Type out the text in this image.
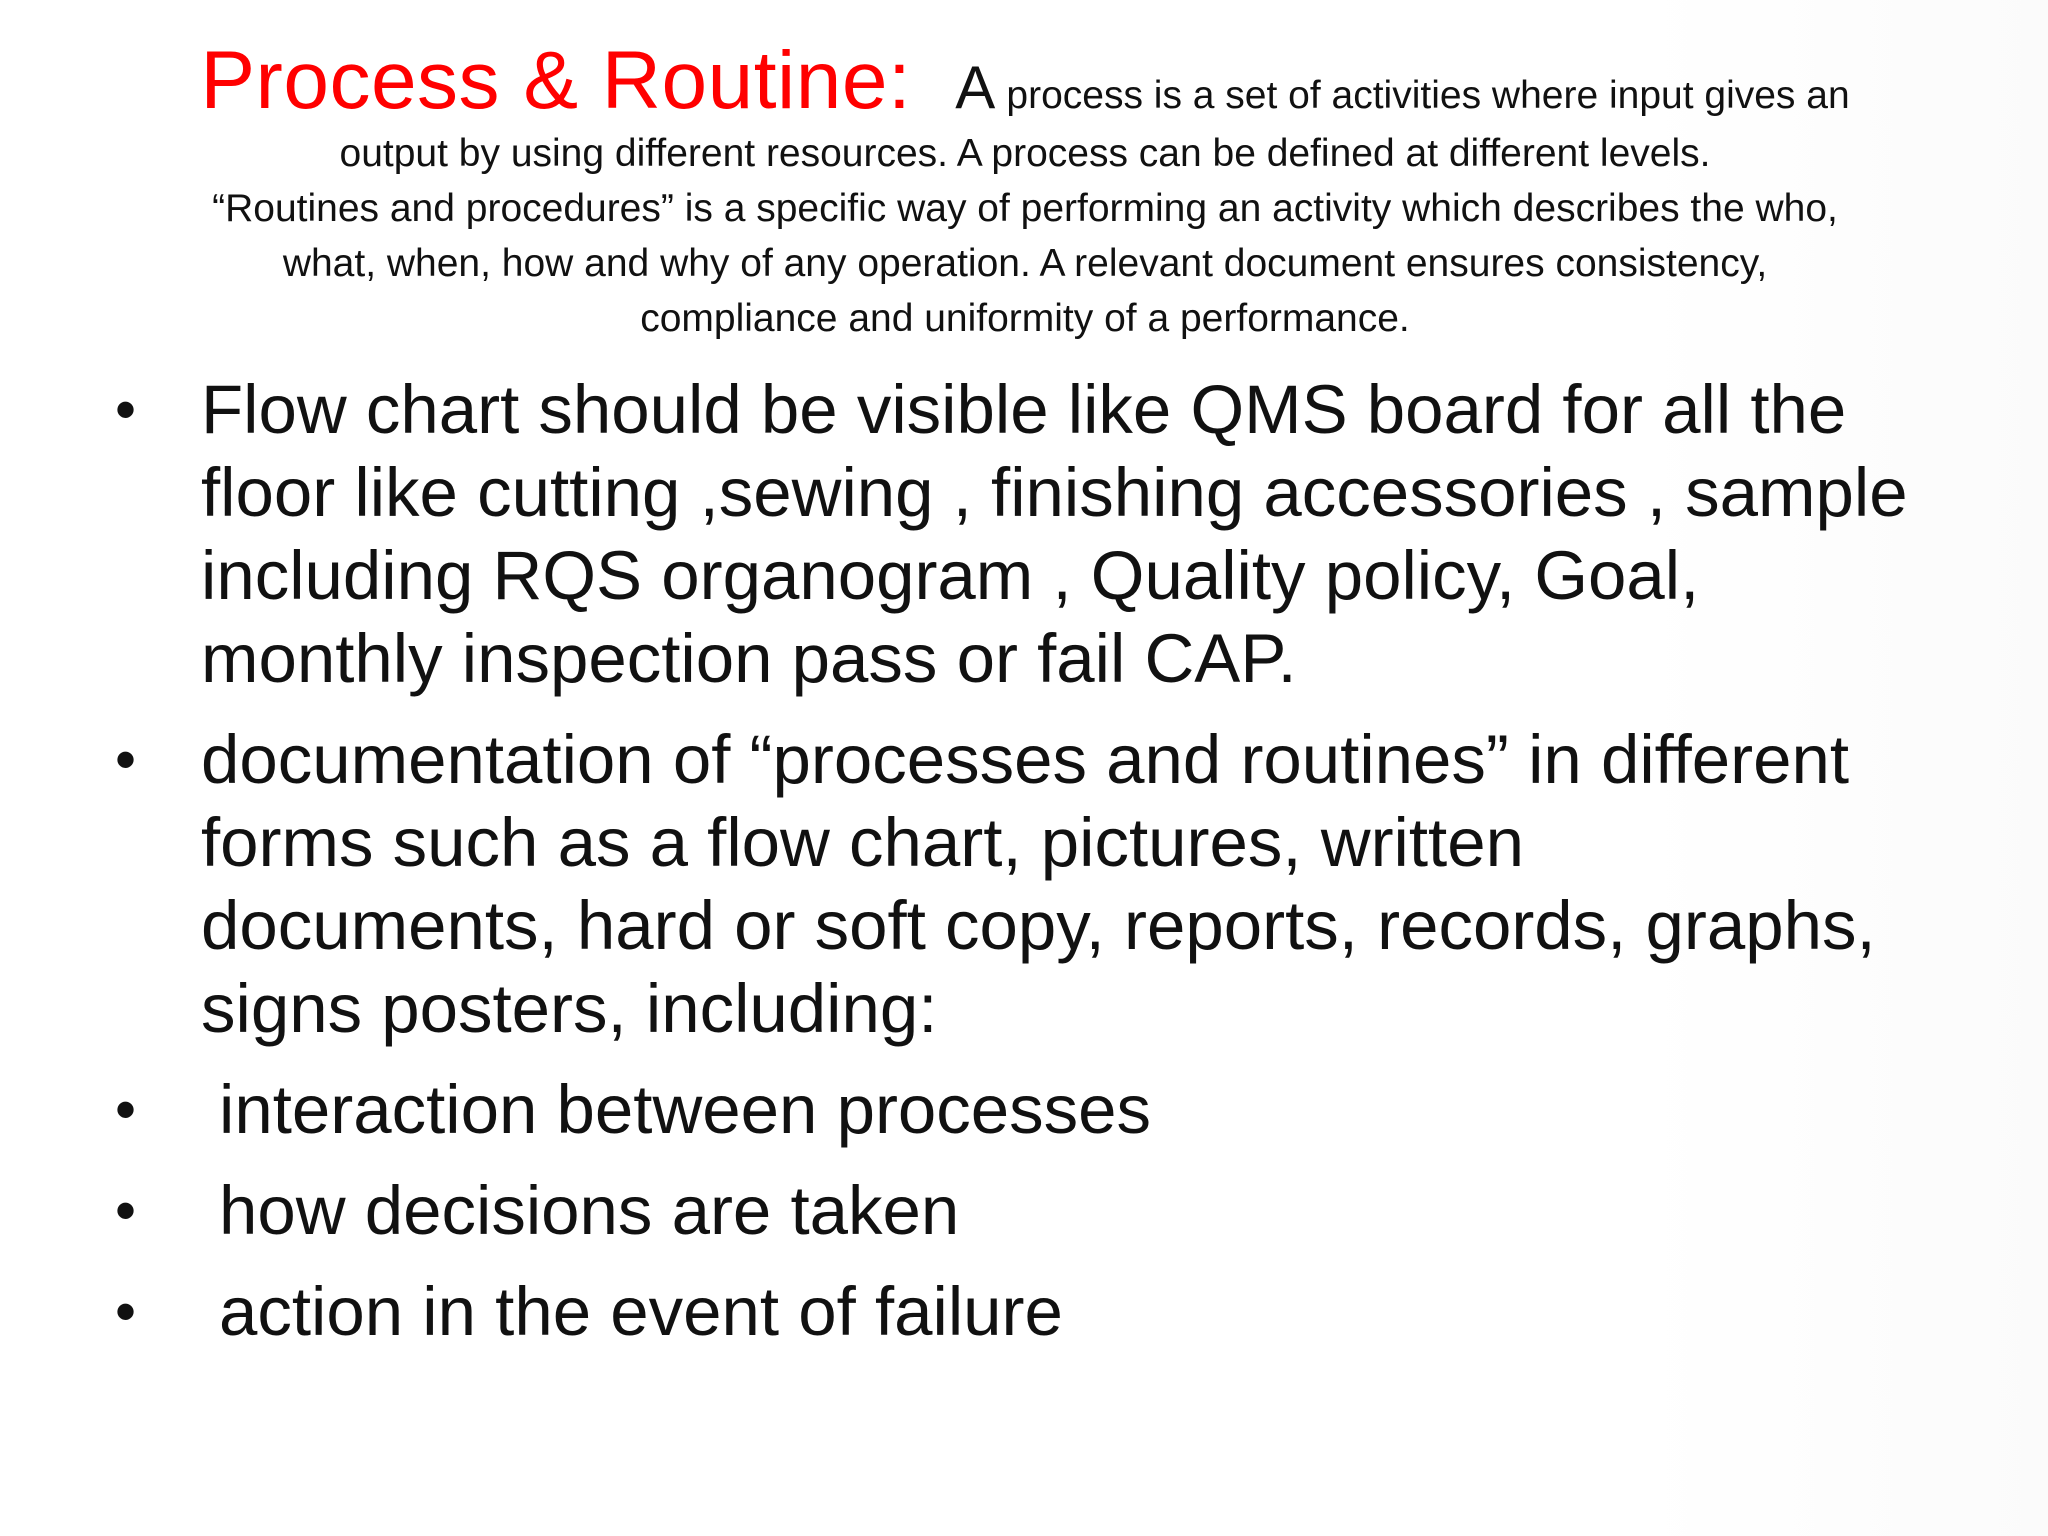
Process & Routine: A process is a set of activities where input gives an
output by using different resources. A process can be defined at different levels.
“Routines and procedures” is a specific way of performing an activity which describes the who,
what, when, how and why of any operation. A relevant document ensures consistency,
compliance and uniformity of a performance.
• Flow chart should be visible like QMS board for all the
floor like cutting ,sewing , finishing accessories , sample
including RQS organogram , Quality policy, Goal,
monthly inspection pass or fail CAP.
• documentation of “processes and routines” in different
forms such as a flow chart, pictures, written
documents, hard or soft copy, reports, records, graphs,
signs posters, including:
• interaction between processes
• how decisions are taken
• action in the event of failure
